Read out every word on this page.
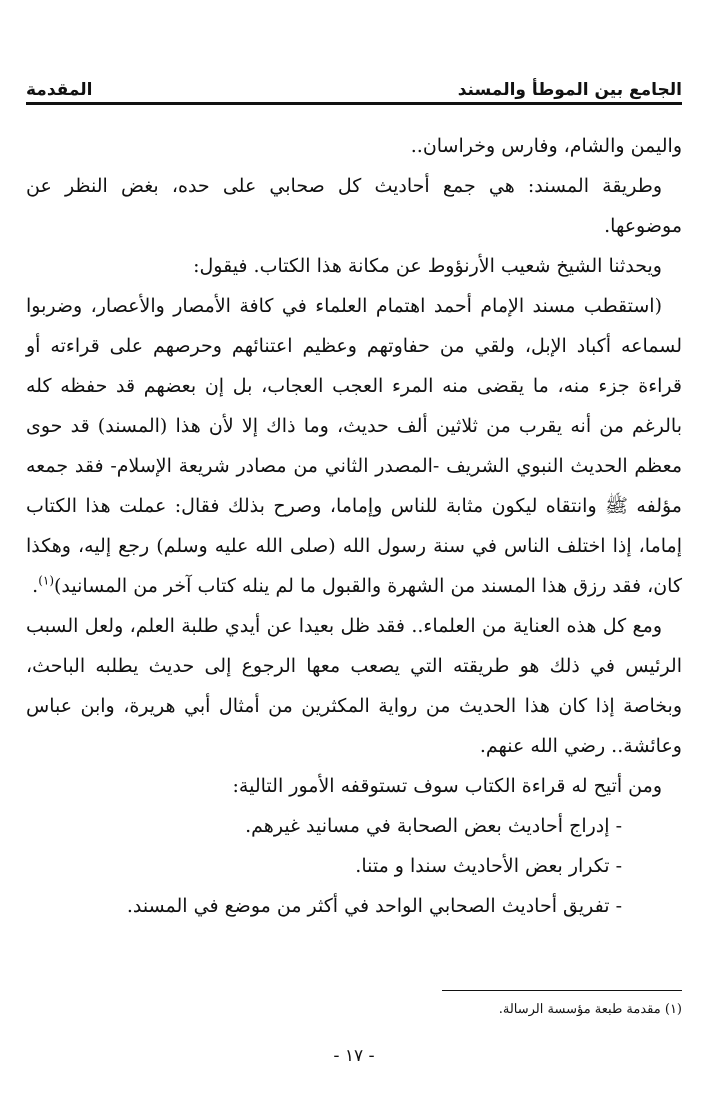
الجامع بين الموطأ والمسند
المقدمة

واليمن والشام، وفارس وخراسان..

وطريقة المسند: هي جمع أحاديث كل صحابي على حده، بغض النظر عن موضوعها.

ويحدثنا الشيخ شعيب الأرنؤوط عن مكانة هذا الكتاب. فيقول:

(استقطب مسند الإمام أحمد اهتمام العلماء في كافة الأمصار والأعصار، وضربوا لسماعه أكباد الإبل، ولقي من حفاوتهم وعظيم اعتنائهم وحرصهم على قراءته أو قراءة جزء منه، ما يقضى منه المرء العجب العجاب، بل إن بعضهم قد حفظه كله بالرغم من أنه يقرب من ثلاثين ألف حديث، وما ذاك إلا لأن هذا (المسند) قد حوى معظم الحديث النبوي الشريف -المصدر الثاني من مصادر شريعة الإسلام- فقد جمعه مؤلفه ﷺ وانتقاه ليكون مثابة للناس وإماما، وصرح بذلك فقال: عملت هذا الكتاب إماما، إذا اختلف الناس في سنة رسول الله (صلى الله عليه وسلم) رجع إليه، وهكذا كان، فقد رزق هذا المسند من الشهرة والقبول ما لم ينله كتاب آخر من المسانيد)$^{(١)}$.

ومع كل هذه العناية من العلماء.. فقد ظل بعيدا عن أيدي طلبة العلم، ولعل السبب الرئيس في ذلك هو طريقته التي يصعب معها الرجوع إلى حديث يطلبه الباحث، وبخاصة إذا كان هذا الحديث من رواية المكثرين من أمثال أبي هريرة، وابن عباس وعائشة.. رضي الله عنهم.

ومن أتيح له قراءة الكتاب سوف تستوقفه الأمور التالية:

- إدراج أحاديث بعض الصحابة في مسانيد غيرهم.

- تكرار بعض الأحاديث سندا و متنا.

- تفريق أحاديث الصحابي الواحد في أكثر من موضع في المسند.

(١) مقدمة طبعة مؤسسة الرسالة.
- ١٧ -
